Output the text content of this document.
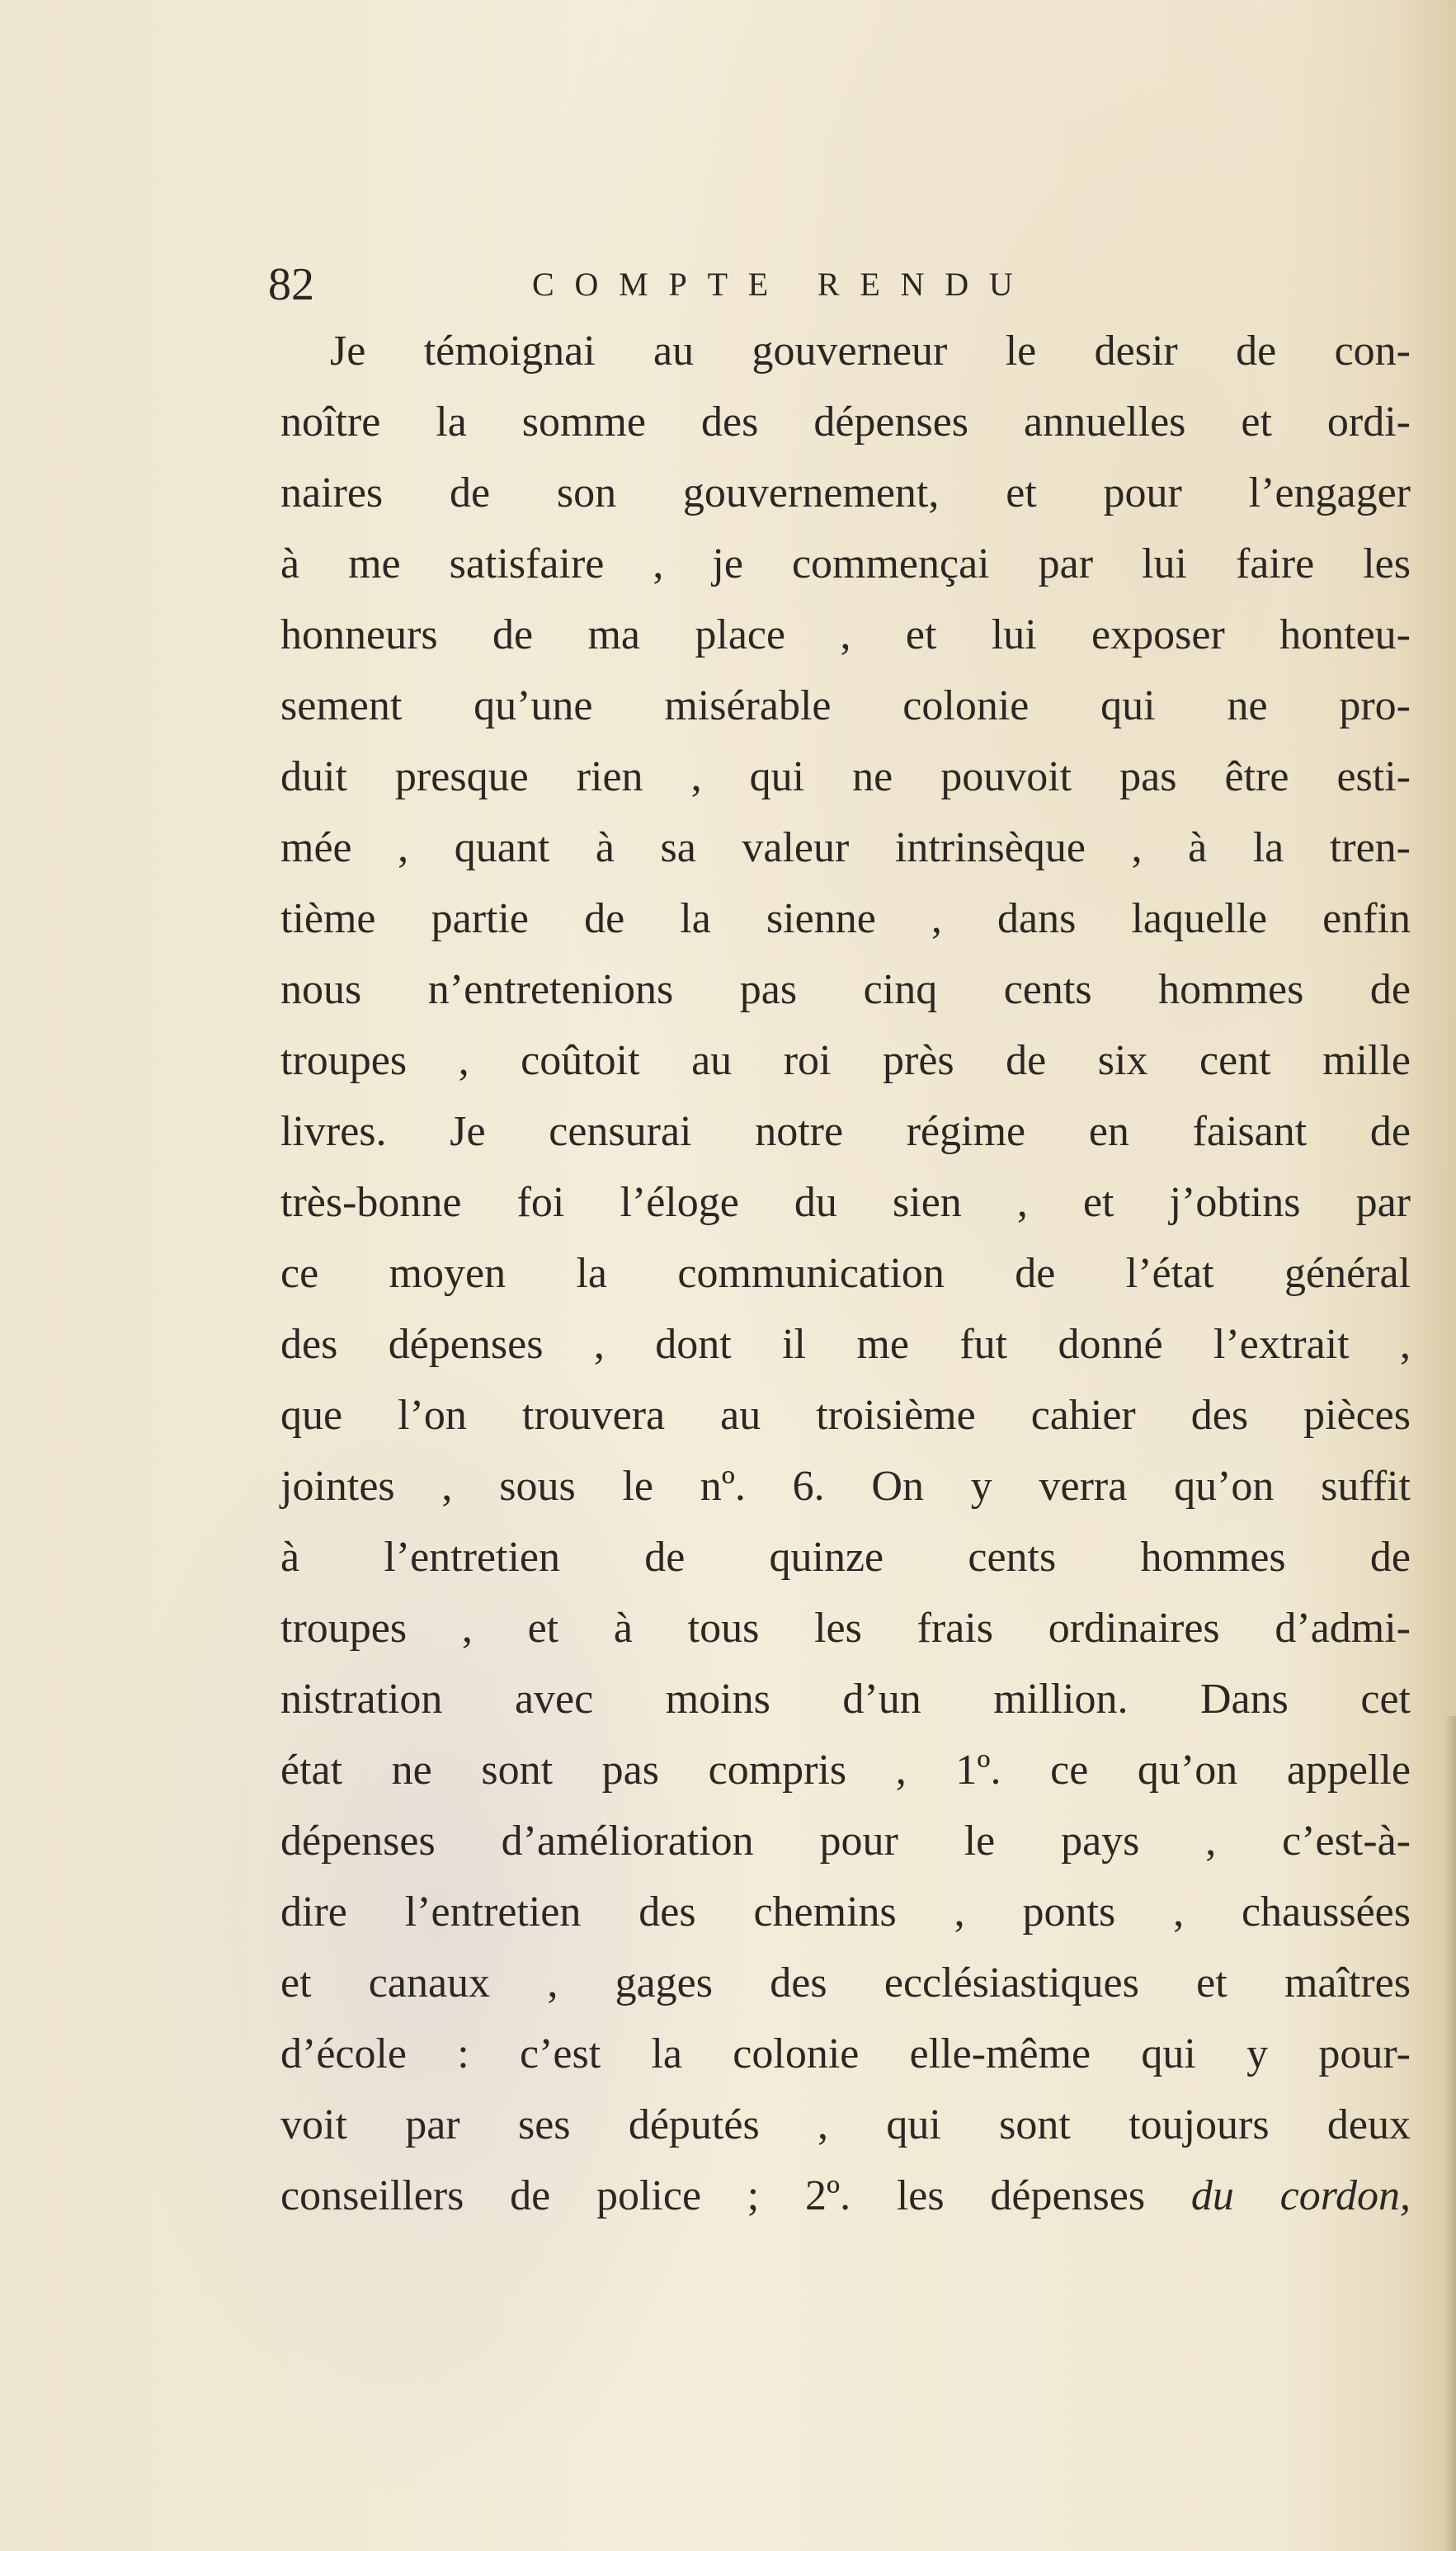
82	COMPTE RENDU
Je témoignai au gouverneur le desir de con-
noître la somme des dépenses annuelles et ordi-
naires de son gouvernement, et pour l’engager
à me satisfaire , je commençai par lui faire les
honneurs de ma place , et lui exposer honteu-
sement qu’une misérable colonie qui ne pro-
duit presque rien , qui ne pouvoit pas être esti-
mée , quant à sa valeur intrinsèque , à la tren-
tième partie de la sienne , dans laquelle enfin
nous n’entretenions pas cinq cents hommes de
troupes , coûtoit au roi près de six cent mille
livres. Je censurai notre régime en faisant de
très-bonne foi l’éloge du sien , et j’obtins par
ce moyen la communication de l’état général
des dépenses , dont il me fut donné l’extrait ,
que l’on trouvera au troisième cahier des pièces
jointes , sous le nº. 6. On y verra qu’on suffit
à l’entretien de quinze cents hommes de
troupes , et à tous les frais ordinaires d’admi-
nistration avec moins d’un million. Dans cet
état ne sont pas compris , 1º. ce qu’on appelle
dépenses d’amélioration pour le pays , c’est-à-
dire l’entretien des chemins , ponts , chaussées
et canaux , gages des ecclésiastiques et maîtres
d’école : c’est la colonie elle-même qui y pour-
voit par ses députés , qui sont toujours deux
conseillers de police ; 2º. les dépenses du cordon,
